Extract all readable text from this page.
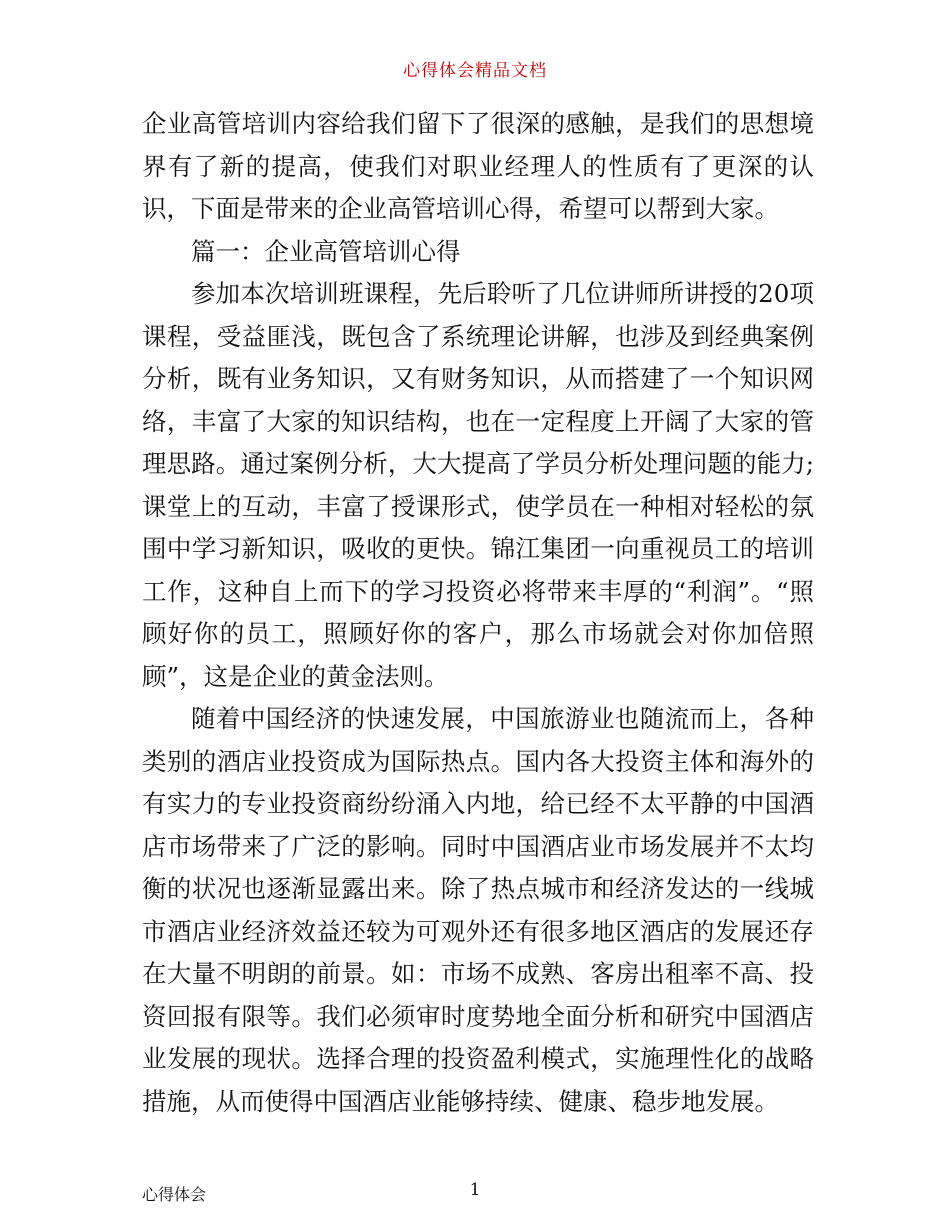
心得体会精品文档

企业高管培训内容给我们留下了很深的感触，是我们的思想境界有了新的提高，使我们对职业经理人的性质有了更深的认识，下面是带来的企业高管培训心得，希望可以帮到大家。

篇一：企业高管培训心得

参加本次培训班课程，先后聆听了几位讲师所讲授的20项课程，受益匪浅，既包含了系统理论讲解，也涉及到经典案例分析，既有业务知识，又有财务知识，从而搭建了一个知识网络，丰富了大家的知识结构，也在一定程度上开阔了大家的管理思路。通过案例分析，大大提高了学员分析处理问题的能力;课堂上的互动，丰富了授课形式，使学员在一种相对轻松的氛围中学习新知识，吸收的更快。锦江集团一向重视员工的培训工作，这种自上而下的学习投资必将带来丰厚的“利润”。“照顾好你的员工，照顾好你的客户，那么市场就会对你加倍照顾”，这是企业的黄金法则。

随着中国经济的快速发展，中国旅游业也随流而上，各种类别的酒店业投资成为国际热点。国内各大投资主体和海外的有实力的专业投资商纷纷涌入内地，给已经不太平静的中国酒店市场带来了广泛的影响。同时中国酒店业市场发展并不太均衡的状况也逐渐显露出来。除了热点城市和经济发达的一线城市酒店业经济效益还较为可观外还有很多地区酒店的发展还存在大量不明朗的前景。如：市场不成熟、客房出租率不高、投资回报有限等。我们必须审时度势地全面分析和研究中国酒店业发展的现状。选择合理的投资盈利模式，实施理性化的战略措施，从而使得中国酒店业能够持续、健康、稳步地发展。

心得体会	1
